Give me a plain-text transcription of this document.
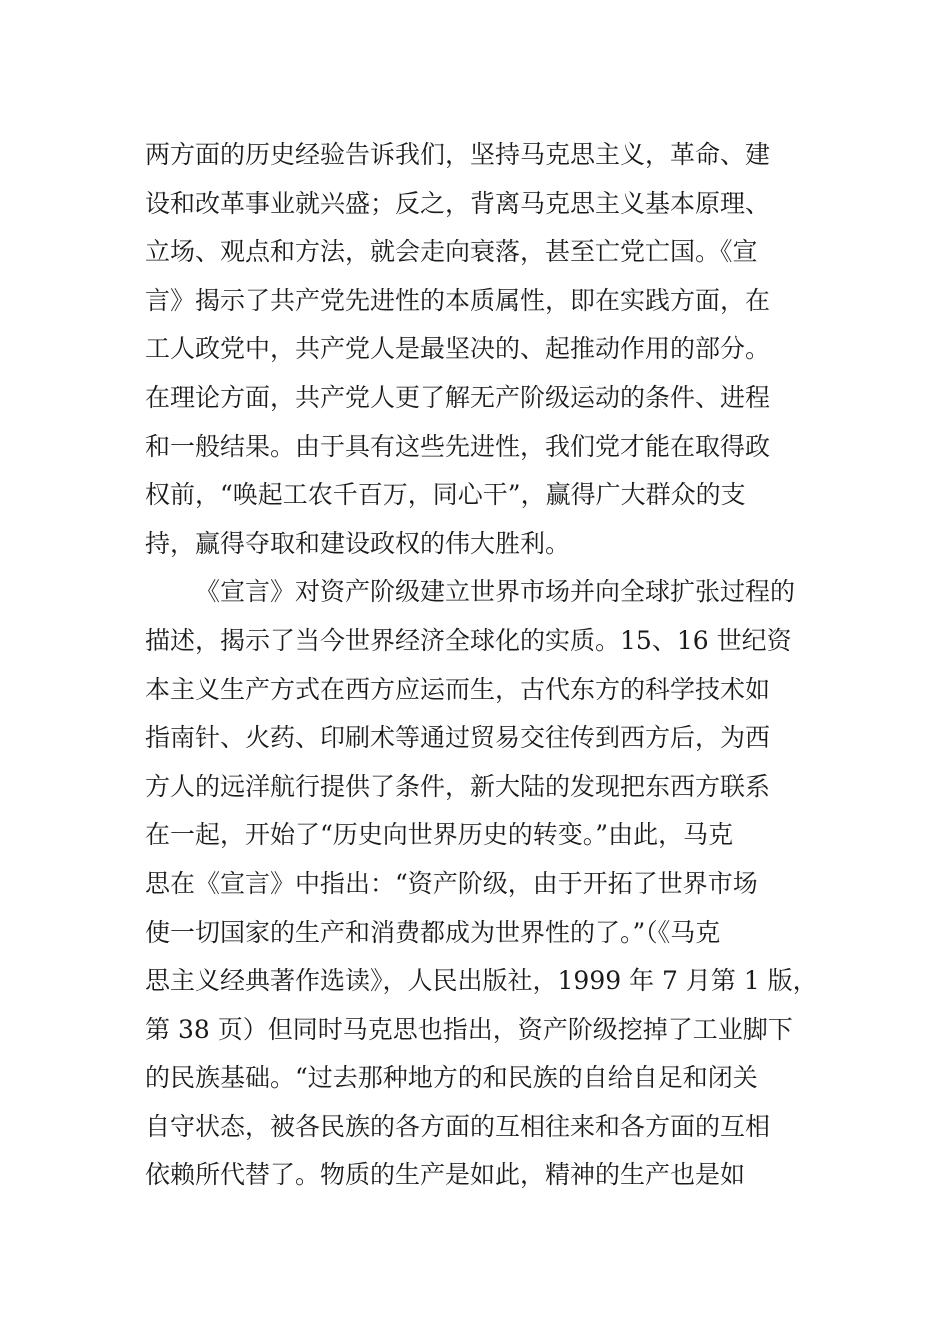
两方面的历史经验告诉我们，坚持马克思主义，革命、建
设和改革事业就兴盛；反之，背离马克思主义基本原理、
立场、观点和方法，就会走向衰落，甚至亡党亡国。《宣
言》揭示了共产党先进性的本质属性，即在实践方面，在
工人政党中，共产党人是最坚决的、起推动作用的部分。
在理论方面，共产党人更了解无产阶级运动的条件、进程
和一般结果。由于具有这些先进性，我们党才能在取得政
权前，“唤起工农千百万，同心干”，赢得广大群众的支
持，赢得夺取和建设政权的伟大胜利。
《宣言》对资产阶级建立世界市场并向全球扩张过程的
描述，揭示了当今世界经济全球化的实质。15、16 世纪资
本主义生产方式在西方应运而生，古代东方的科学技术如
指南针、火药、印刷术等通过贸易交往传到西方后，为西
方人的远洋航行提供了条件，新大陆的发现把东西方联系
在一起，开始了“历史向世界历史的转变。”由此，马克
思在《宣言》中指出：“资产阶级，由于开拓了世界市场
使一切国家的生产和消费都成为世界性的了。”（《马克
思主义经典著作选读》，人民出版社，1999 年 7 月第 1 版，
第 38 页）但同时马克思也指出，资产阶级挖掉了工业脚下
的民族基础。“过去那种地方的和民族的自给自足和闭关
自守状态，被各民族的各方面的互相往来和各方面的互相
依赖所代替了。物质的生产是如此，精神的生产也是如
